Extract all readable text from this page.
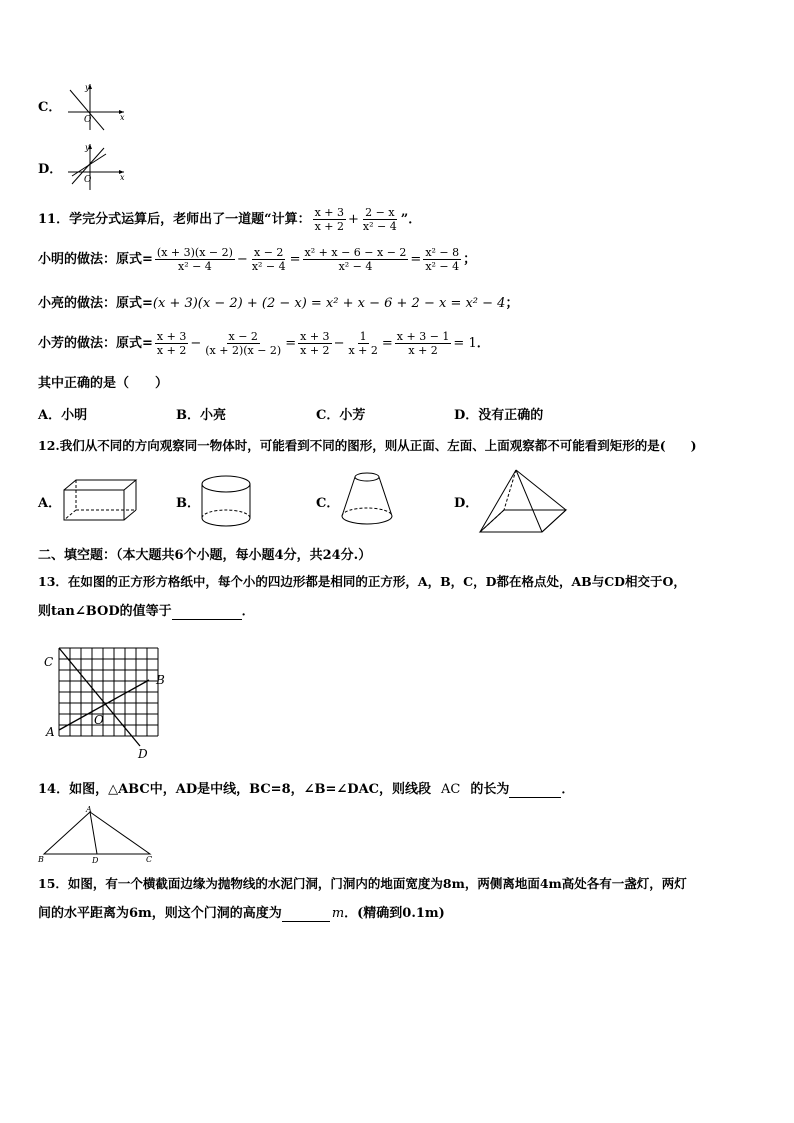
C．
y
x
O
D．
y
x
O
11．学完分式运算后，老师出了一道题“计算： $\frac{x + 3}{x + 2} + \frac{2 - x}{\text{x² − 4}}$ ”．
小明的做法：原式= $\frac{(x + 3)(x - 2)}{\text{x² − 4}} - \frac{x - 2}{\text{x² − 4}} = \frac{\text{x² + x − 6 − x − 2}}{\text{x² − 4}} = \frac{\text{x² − 8}}{\text{x² − 4}}$ ；
小亮的做法：原式=(x + 3)(x − 2) + (2 − x) = x² + x − 6 + 2 − x = x² − 4；
小芳的做法：原式= $\frac{x + 3}{x + 2} - \frac{x - 2}{(x + 2)(x - 2)} = \frac{x + 3}{x + 2} - \frac{1}{x + 2} = \frac{x + 3 - 1}{x + 2} = 1$ ．
其中正确的是（　　）
A．小明	B．小亮	C．小芳	D．没有正确的
12.我们从不同的方向观察同一物体时，可能看到不同的图形，则从正面、左面、上面观察都不可能看到矩形的是(　　)
A．	B．	C．	D．
二、填空题：（本大题共6个小题，每小题4分，共24分.）
13．在如图的正方形方格纸中，每个小的四边形都是相同的正方形，A，B，C，D都在格点处，AB与CD相交于O，
则tan∠BOD的值等于	．
C
B
A
O
D
14．如图，△ABC中，AD是中线，BC=8，∠B=∠DAC，则线段 AC 的长为	．
A
B	D	C
15．如图，有一个横截面边缘为抛物线的水泥门洞，门洞内的地面宽度为8m，两侧离地面4m高处各有一盏灯，两灯
间的水平距离为6m，则这个门洞的高度为	m．(精确到0.1m)
